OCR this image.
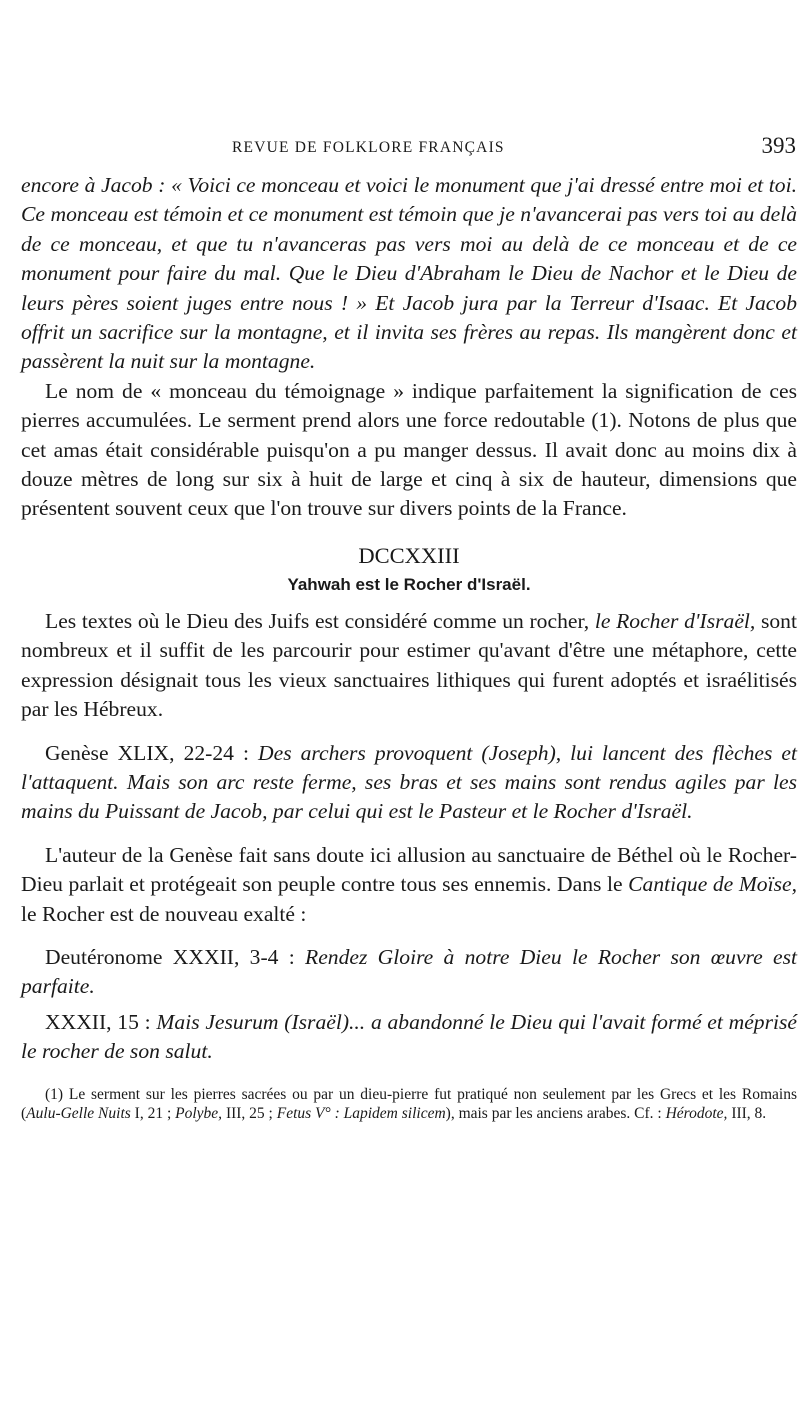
REVUE DE FOLKLORE FRANÇAIS	393

encore à Jacob : « Voici ce monceau et voici le monument que j'ai dressé entre moi et toi. Ce monceau est témoin et ce monument est témoin que je n'avancerai pas vers toi au delà de ce monceau, et que tu n'avanceras pas vers moi au delà de ce monceau et de ce monument pour faire du mal. Que le Dieu d'Abraham le Dieu de Nachor et le Dieu de leurs pères soient juges entre nous ! » Et Jacob jura par la Terreur d'Isaac. Et Jacob offrit un sacrifice sur la montagne, et il invita ses frères au repas. Ils mangèrent donc et passèrent la nuit sur la montagne.

Le nom de « monceau du témoignage » indique parfaitement la signification de ces pierres accumulées. Le serment prend alors une force redoutable (1). Notons de plus que cet amas était considérable puisqu'on a pu manger dessus. Il avait donc au moins dix à douze mètres de long sur six à huit de large et cinq à six de hauteur, dimensions que présentent souvent ceux que l'on trouve sur divers points de la France.

DCCXXIII
Yahwah est le Rocher d'Israël.

Les textes où le Dieu des Juifs est considéré comme un rocher, le Rocher d'Israël, sont nombreux et il suffit de les parcourir pour estimer qu'avant d'être une métaphore, cette expression désignait tous les vieux sanctuaires lithiques qui furent adoptés et israélitisés par les Hébreux.

Genèse XLIX, 22-24 : Des archers provoquent (Joseph), lui lancent des flèches et l'attaquent. Mais son arc reste ferme, ses bras et ses mains sont rendus agiles par les mains du Puissant de Jacob, par celui qui est le Pasteur et le Rocher d'Israël.

L'auteur de la Genèse fait sans doute ici allusion au sanctuaire de Béthel où le Rocher-Dieu parlait et protégeait son peuple contre tous ses ennemis. Dans le Cantique de Moïse, le Rocher est de nouveau exalté :

Deutéronome XXXII, 3-4 : Rendez Gloire à notre Dieu le Rocher son œuvre est parfaite.

XXXII, 15 : Mais Jesurum (Israël)... a abandonné le Dieu qui l'avait formé et méprisé le rocher de son salut.

(1) Le serment sur les pierres sacrées ou par un dieu-pierre fut pratiqué non seulement par les Grecs et les Romains (Aulu-Gelle Nuits I, 21 ; Polybe, III, 25 ; Fetus V° : Lapidem silicem), mais par les anciens arabes. Cf. : Hérodote, III, 8.
